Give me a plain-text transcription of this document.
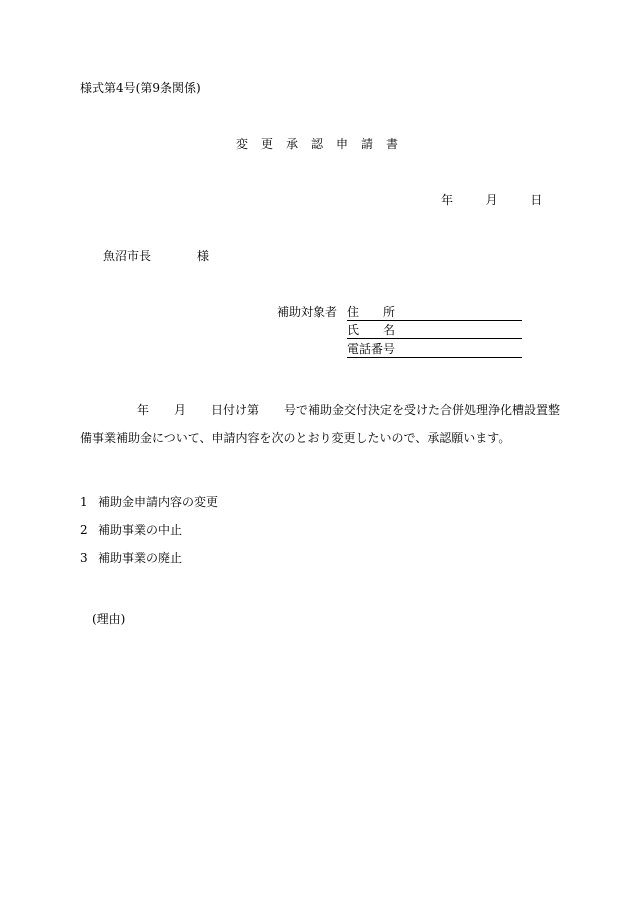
様式第4号(第9条関係)
変更承認申請書
年	月	日
魚沼市長	様
補助対象者 住　　所
氏　　名
電話番号
年 月 日付け第 号で補助金交付決定を受けた合併処理浄化槽設置整
備事業補助金について、申請内容を次のとおり変更したいので、承認願います。
1 補助金申請内容の変更
2 補助事業の中止
3 補助事業の廃止
(理由)
